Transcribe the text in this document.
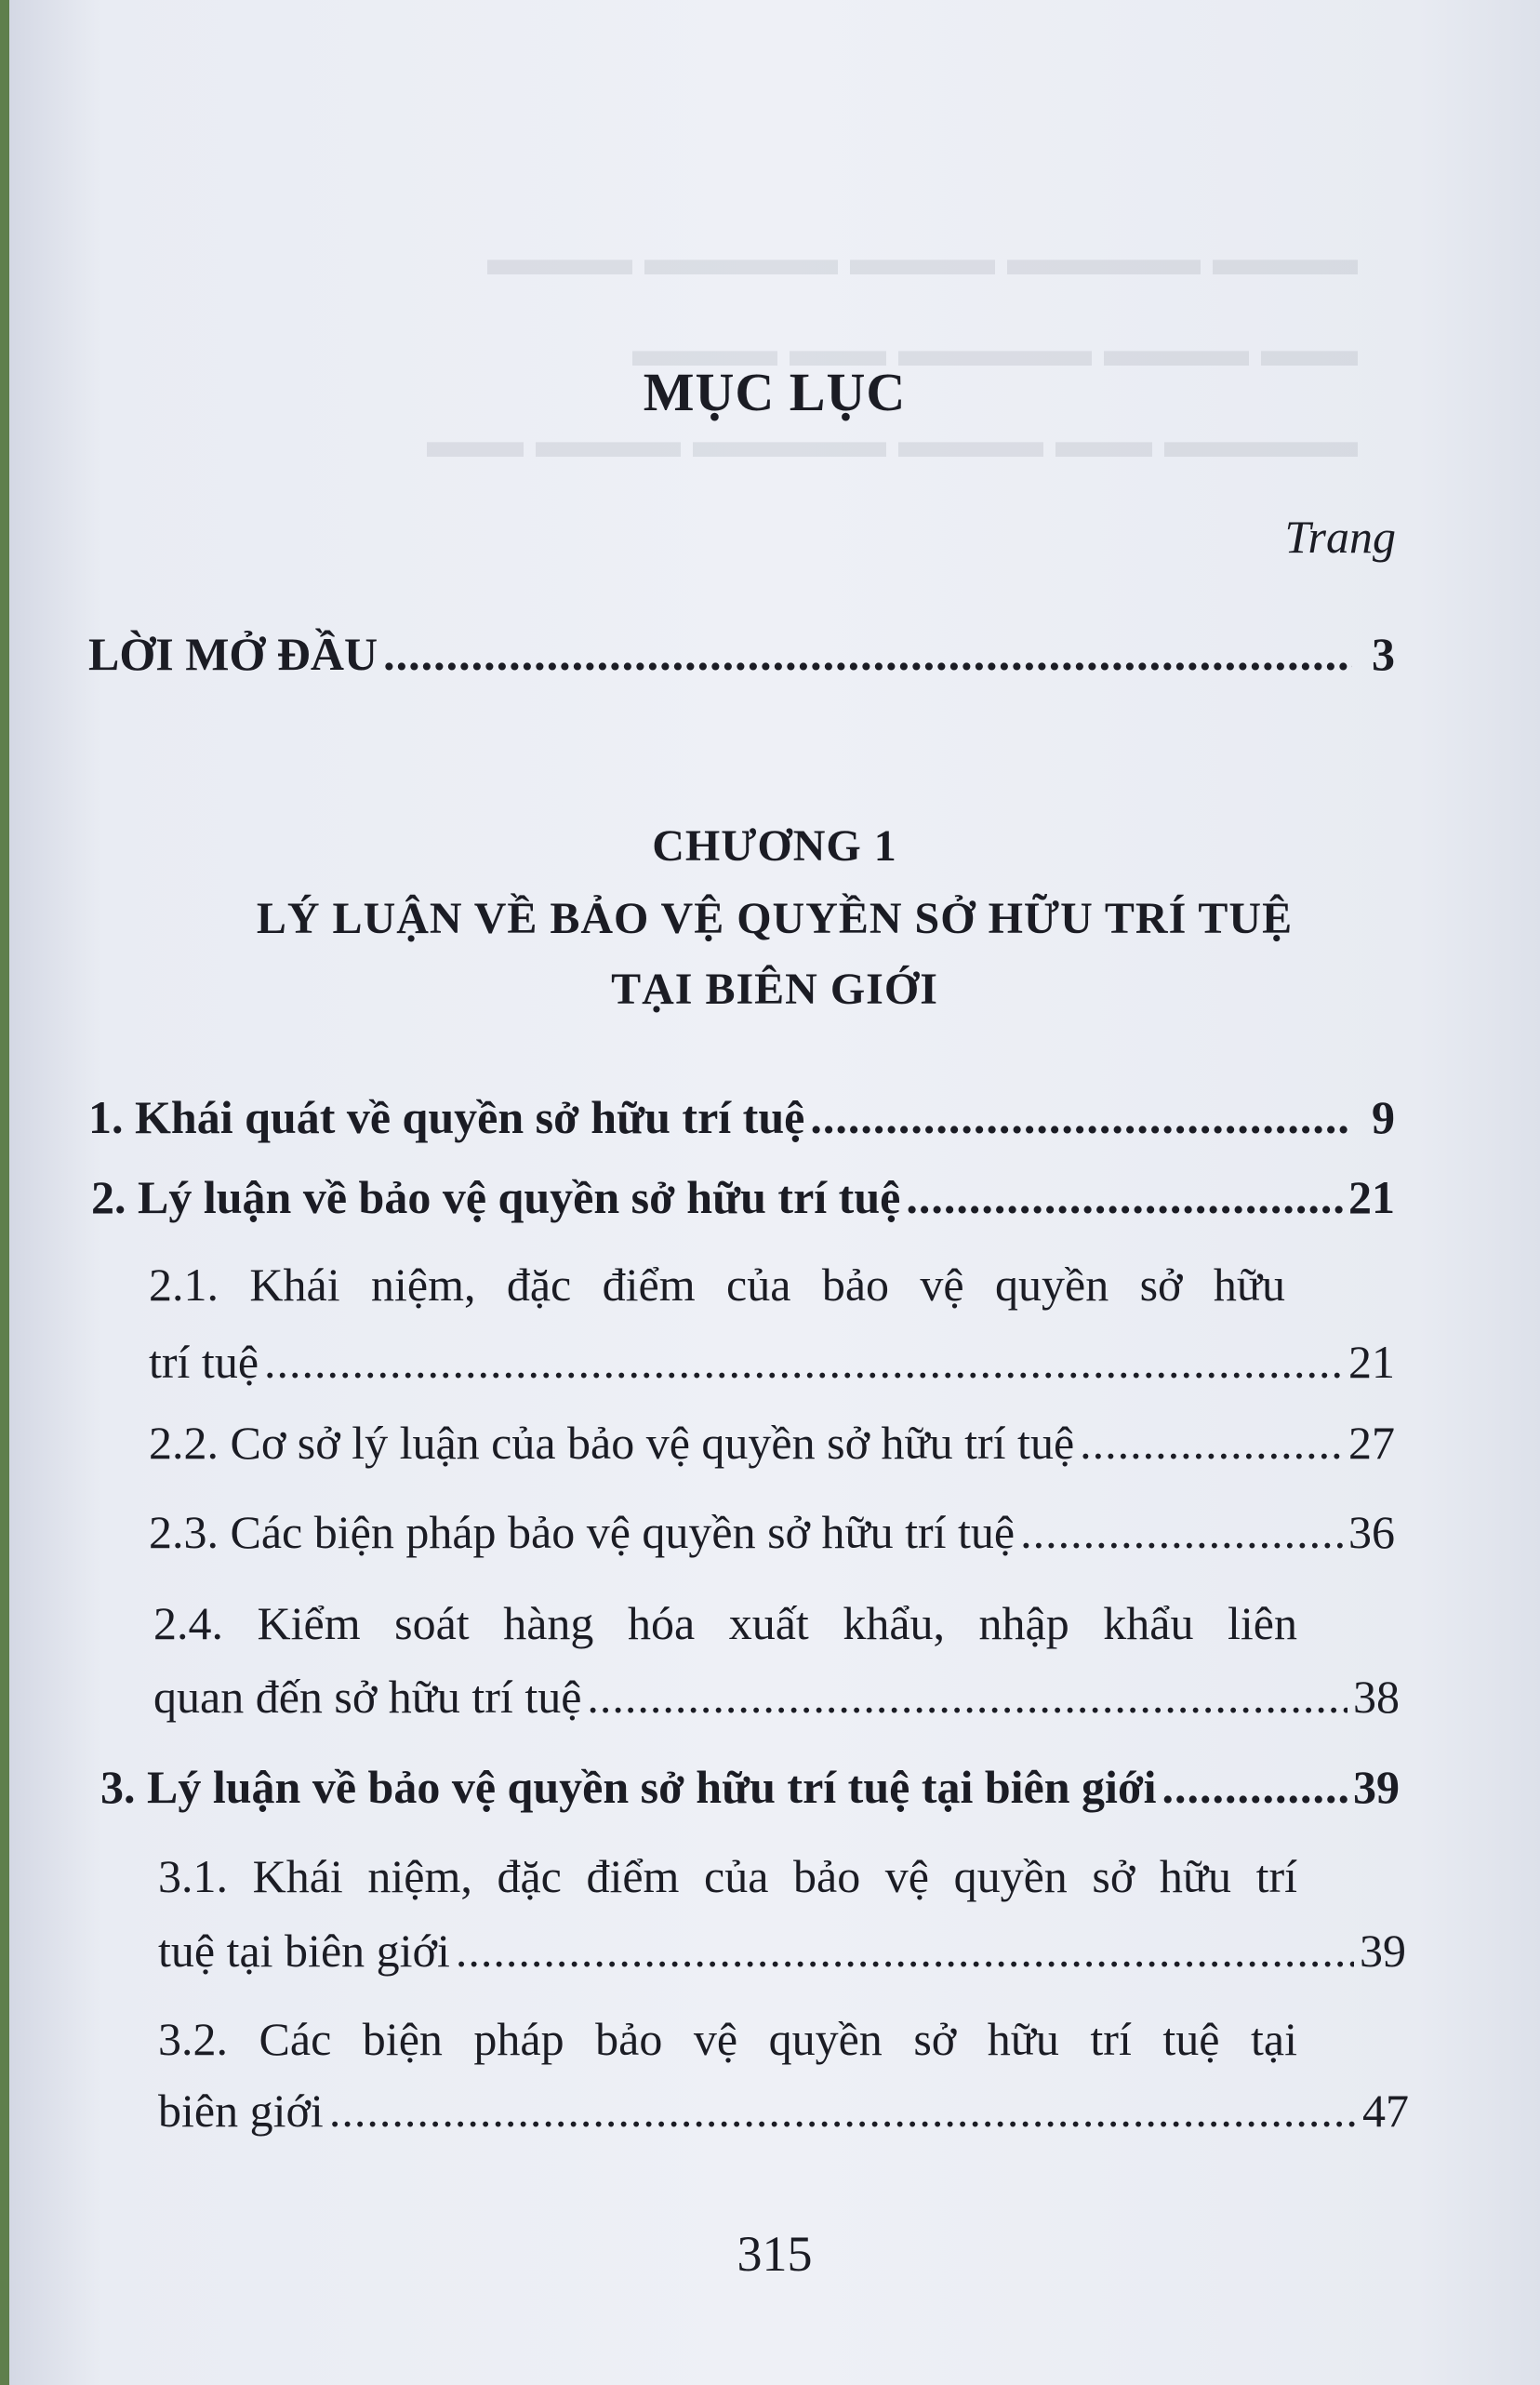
▬▬▬ ▬▬▬▬ ▬▬▬ ▬▬▬▬ ▬▬▬
▬▬ ▬▬▬ ▬▬▬▬ ▬▬ ▬▬▬
▬▬▬▬ ▬▬ ▬▬▬ ▬▬▬▬ ▬▬▬ ▬▬
MỤC LỤC
Trang
LỜI MỞ ĐẦU .....	3
CHƯƠNG 1
LÝ LUẬN VỀ BẢO VỆ QUYỀN SỞ HỮU TRÍ TUỆ
TẠI BIÊN GIỚI
1. Khái quát về quyền sở hữu trí tuệ .....	9
2. Lý luận về bảo vệ quyền sở hữu trí tuệ .....	21
2.1. Khái niệm, đặc điểm của bảo vệ quyền sở hữu
trí tuệ .....	21
2.2. Cơ sở lý luận của bảo vệ quyền sở hữu trí tuệ .....	27
2.3. Các biện pháp bảo vệ quyền sở hữu trí tuệ .....	36
2.4. Kiểm soát hàng hóa xuất khẩu, nhập khẩu liên
quan đến sở hữu trí tuệ .....	38
3. Lý luận về bảo vệ quyền sở hữu trí tuệ tại biên giới .....	39
3.1. Khái niệm, đặc điểm của bảo vệ quyền sở hữu trí
tuệ tại biên giới .....	39
3.2. Các biện pháp bảo vệ quyền sở hữu trí tuệ tại
biên giới .....	47
315
